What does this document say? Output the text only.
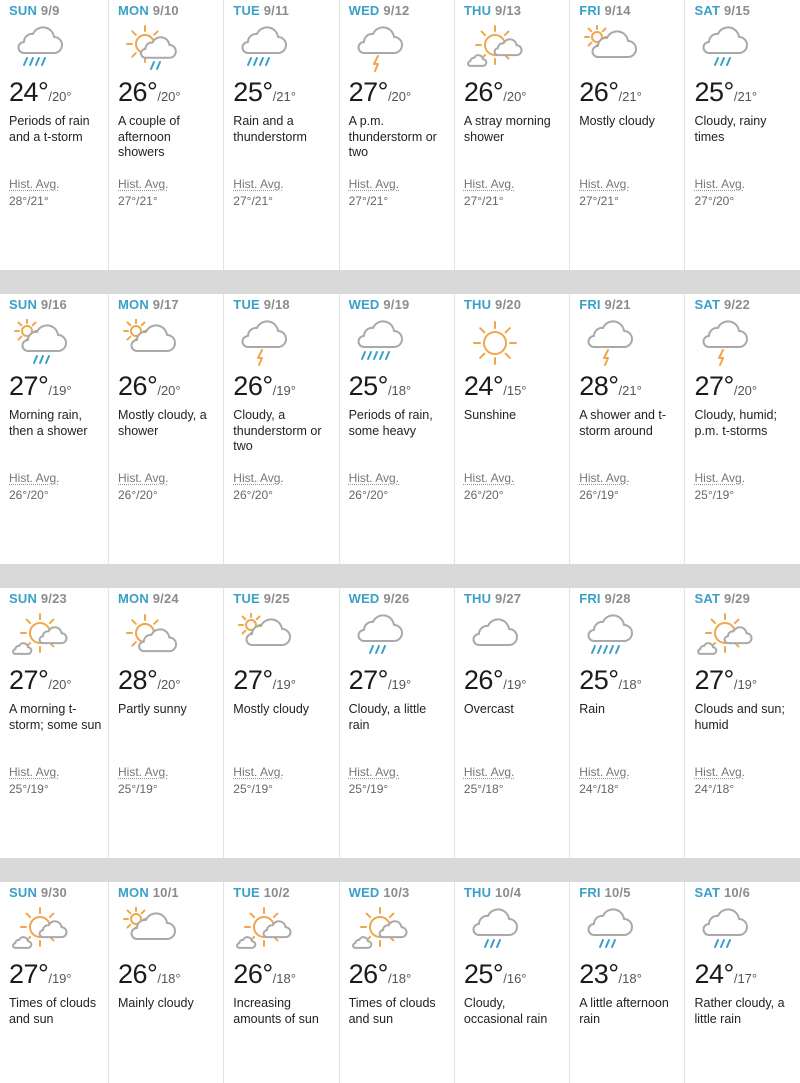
SUN 9/9
24°/20°
Periods of rain and a t-storm
Hist. Avg.
28°/21°
MON 9/10
26°/20°
A couple of afternoon showers
Hist. Avg.
27°/21°
TUE 9/11
25°/21°
Rain and a thunderstorm
Hist. Avg.
27°/21°
WED 9/12
27°/20°
A p.m. thunderstorm or two
Hist. Avg.
27°/21°
THU 9/13
26°/20°
A stray morning shower
Hist. Avg.
27°/21°
FRI 9/14
26°/21°
Mostly cloudy
Hist. Avg.
27°/21°
SAT 9/15
25°/21°
Cloudy, rainy times
Hist. Avg.
27°/20°
SUN 9/16
27°/19°
Morning rain, then a shower
Hist. Avg.
26°/20°
MON 9/17
26°/20°
Mostly cloudy, a shower
Hist. Avg.
26°/20°
TUE 9/18
26°/19°
Cloudy, a thunderstorm or two
Hist. Avg.
26°/20°
WED 9/19
25°/18°
Periods of rain, some heavy
Hist. Avg.
26°/20°
THU 9/20
24°/15°
Sunshine
Hist. Avg.
26°/20°
FRI 9/21
28°/21°
A shower and t-storm around
Hist. Avg.
26°/19°
SAT 9/22
27°/20°
Cloudy, humid; p.m. t-storms
Hist. Avg.
25°/19°
SUN 9/23
27°/20°
A morning t-storm; some sun
Hist. Avg.
25°/19°
MON 9/24
28°/20°
Partly sunny
Hist. Avg.
25°/19°
TUE 9/25
27°/19°
Mostly cloudy
Hist. Avg.
25°/19°
WED 9/26
27°/19°
Cloudy, a little rain
Hist. Avg.
25°/19°
THU 9/27
26°/19°
Overcast
Hist. Avg.
25°/18°
FRI 9/28
25°/18°
Rain
Hist. Avg.
24°/18°
SAT 9/29
27°/19°
Clouds and sun; humid
Hist. Avg.
24°/18°
SUN 9/30
27°/19°
Times of clouds and sun
MON 10/1
26°/18°
Mainly cloudy
TUE 10/2
26°/18°
Increasing amounts of sun
WED 10/3
26°/18°
Times of clouds and sun
THU 10/4
25°/16°
Cloudy, occasional rain
FRI 10/5
23°/18°
A little afternoon rain
SAT 10/6
24°/17°
Rather cloudy, a little rain
